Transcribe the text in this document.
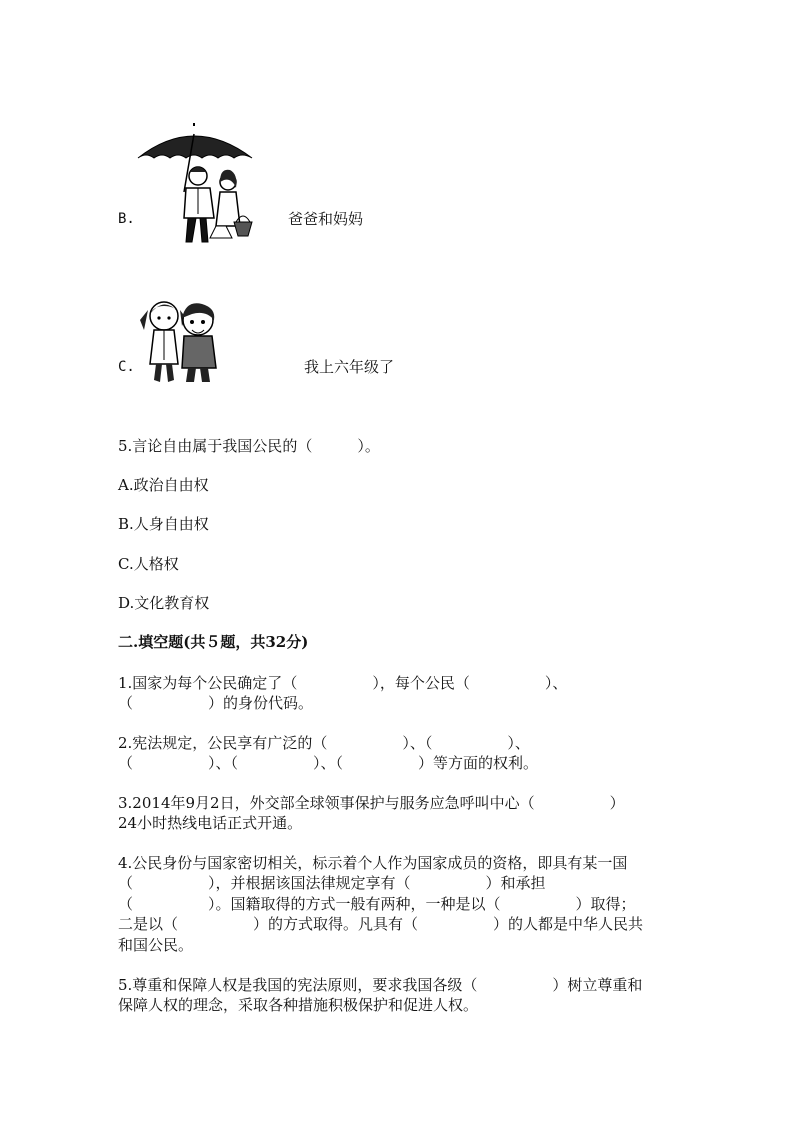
B.	爸爸和妈妈
C.	我上六年级了
5.言论自由属于我国公民的（　　　）。
A.政治自由权
B.人身自由权
C.人格权
D.文化教育权
二.填空题(共５题，共32分)
1.国家为每个公民确定了（　　　　　），每个公民（　　　　　）、
（　　　　　）的身份代码。
2.宪法规定，公民享有广泛的（　　　　　）、（　　　　　）、
（　　　　　）、（　　　　　）、（　　　　　）等方面的权利。
3.2014年9月2日，外交部全球领事保护与服务应急呼叫中心（　　　　　）
24小时热线电话正式开通。
4.公民身份与国家密切相关，标示着个人作为国家成员的资格，即具有某一国
（　　　　　），并根据该国法律规定享有（　　　　　）和承担
（　　　　　）。国籍取得的方式一般有两种，一种是以（　　　　　）取得；
二是以（　　　　　）的方式取得。凡具有（　　　　　）的人都是中华人民共
和国公民。
5.尊重和保障人权是我国的宪法原则，要求我国各级（　　　　　）树立尊重和
保障人权的理念，采取各种措施积极保护和促进人权。
